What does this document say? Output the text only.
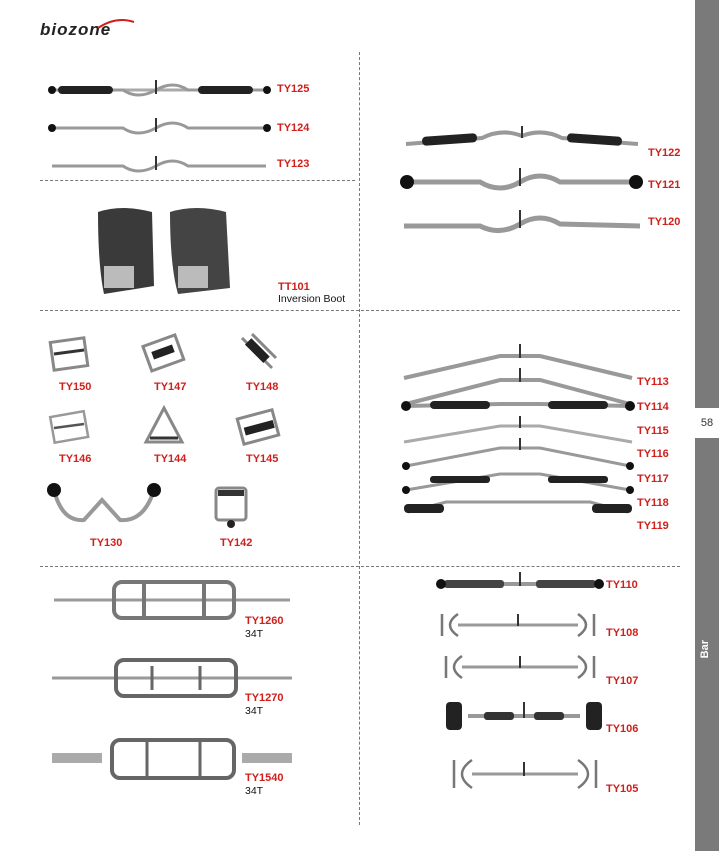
biozone
58
Bar
TY125
TY124
TY123
TY122
TY121
TY120
TT101
Inversion Boot
TY150	TY147	TY148
TY146	TY144	TY145
TY130	TY142
TY113
TY114
TY115
TY116
TY117
TY118
TY119
TY1260
34T
TY1270
34T
TY1540
34T
TY110
TY108
TY107
TY106
TY105
